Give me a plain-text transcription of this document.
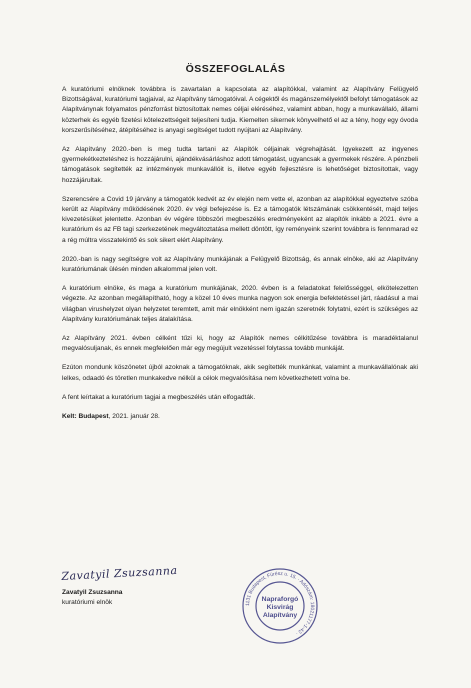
ÖSSZEFOGLALÁS

A kuratóriumi elnöknek továbbra is zavartalan a kapcsolata az alapítókkal, valamint az Alapítvány Felügyelő Bizottságával, kuratóriumi tagjaival, az Alapítvány támogatóival. A cégektől és magánszemélyektől befolyt támogatások az Alapítványnak folyamatos pénzforrást biztosítottak nemes céljai eléréséhez, valamint abban, hogy a munkavállaló, állami közterhek és egyéb fizetési kötelezettségeit teljesíteni tudja. Kiemelten sikernek könyvelhető el az a tény, hogy egy óvoda korszerűsítéséhez, átépítéséhez is anyagi segítséget tudott nyújtani az Alapítvány.

Az Alapítvány 2020.-ben is meg tudta tartani az Alapítók céljainak végrehajtását. Igyekezett az ingyenes gyermekétkeztetéshez is hozzájárulni, ajándékvásárláshoz adott támogatást, ugyancsak a gyermekek részére. A pénzbeli támogatások segítették az intézmények munkavállóit is, illetve egyéb fejlesztésre is lehetőséget biztosítottak, vagy hozzájárultak.

Szerencsére a Covid 19 járvány a támogatók kedvét az év elején nem vette el, azonban az alapítókkal egyeztetve szóba került az Alapítvány működésének 2020. év végi befejezése is. Ez a támogatók létszámának csökkentését, majd teljes kivezetésüket jelentette. Azonban év végére többszöri megbeszélés eredményeként az alapítók inkább a 2021. évre a kuratórium és az FB tagi szerkezetének megváltoztatása mellett döntött, így reményeink szerint továbbra is fennmarad ez a rég múltra visszatekintő és sok sikert elért Alapítvány.

2020.-ban is nagy segítségre volt az Alapítvány munkájának a Felügyelő Bizottság, és annak elnöke, aki az Alapítvány kuratóriumának ülésén minden alkalommal jelen volt.

A kuratórium elnöke, és maga a kuratórium munkájának, 2020. évben is a feladatokat felelősséggel, elkötelezetten végezte. Az azonban megállapítható, hogy a közel 10 éves munka nagyon sok energia befektetéssel járt, ráadásul a mai világban virushelyzet olyan helyzetet teremtett, amit már elnökként nem igazán szeretnék folytatni, ezért is szükséges az Alapítvány kuratóriumának teljes átalakítása.

Az Alapítvány 2021. évben célként tűzi ki, hogy az Alapítók nemes célkitűzése továbbra is maradéktalanul megvalósuljanak, és ennek megfelelően már egy megújult vezetéssel folytassa tovább munkáját.

Ezúton mondunk köszönetet újból azoknak a támogatóknak, akik segítették munkánkat, valamint a munkavállalónak aki lelkes, odaadó és töretlen munkakedve nélkül a célok megvalósítása nem következhetett volna be.

A fent leírtakat a kuratórium tagjai a megbeszélés után elfogadták.

Kelt: Budapest, 2021. január 28.

Zavatyil Zsuzsanna
Zavatyil Zsuzsanna
kuratóriumi elnök	1131 Budapest, Fürész u. 15. · Adószám: 18021177-1-42 ·
Napraforgó
Kisvirág
Alapítvány
